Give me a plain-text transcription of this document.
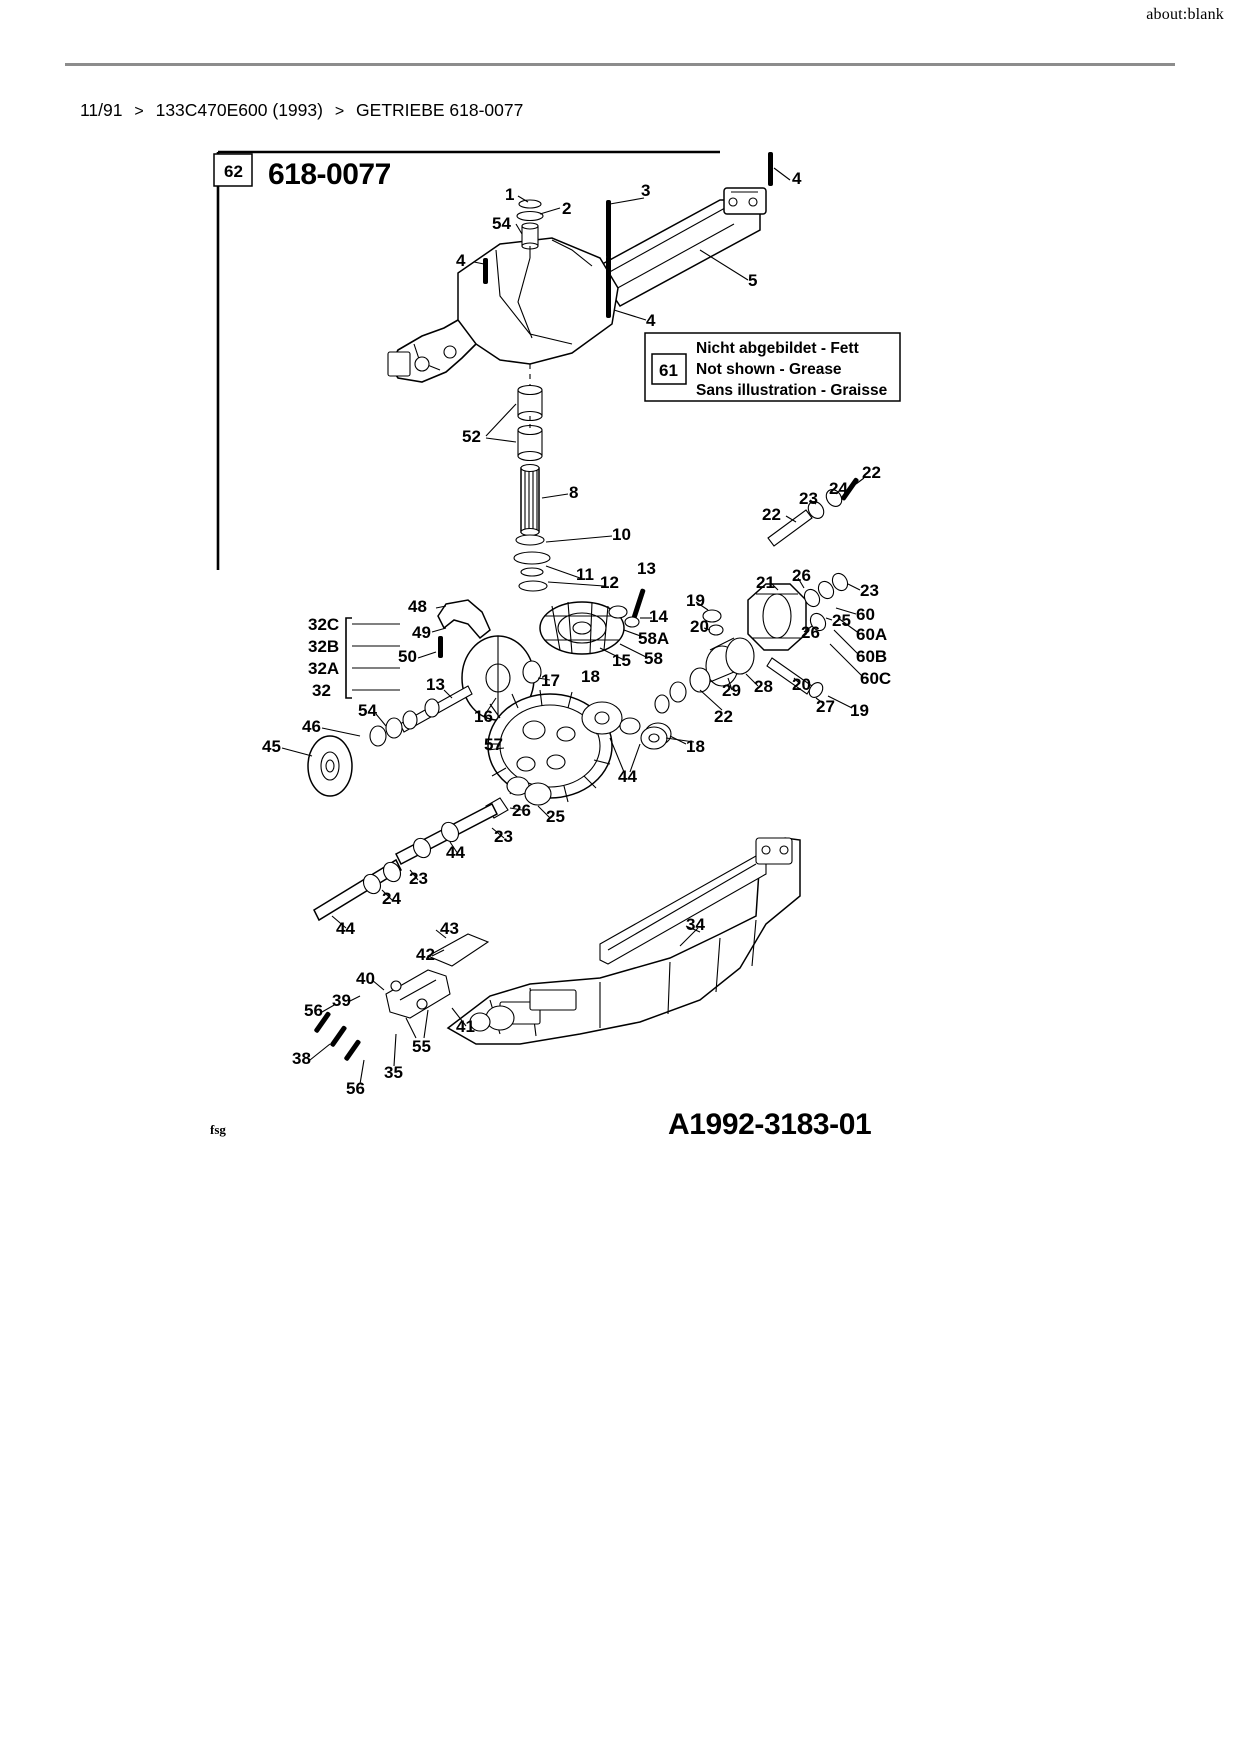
about:blank
11/91 > 133C470E600 (1993) > GETRIEBE 618-0077
62 618-0077
61
Nicht abgebildet - Fett
Not shown - Grease
Sans illustration - Graisse
A1992-3183-01
fsg
1
2
3
4
54
4
5
4
52
8
10
11 12
13
14
22
24
23
22
21 26
23
60
60A
60B
60C
19
20	25
26
58A
58
15
18
17
48
49
50
32C
32B
32A
32	13
54	16
46
45	57
29 28 20
27 19
22
18
44
26 25
23
44
23
24
44	34
43
42
40
39
56
41
55
38
35
56
